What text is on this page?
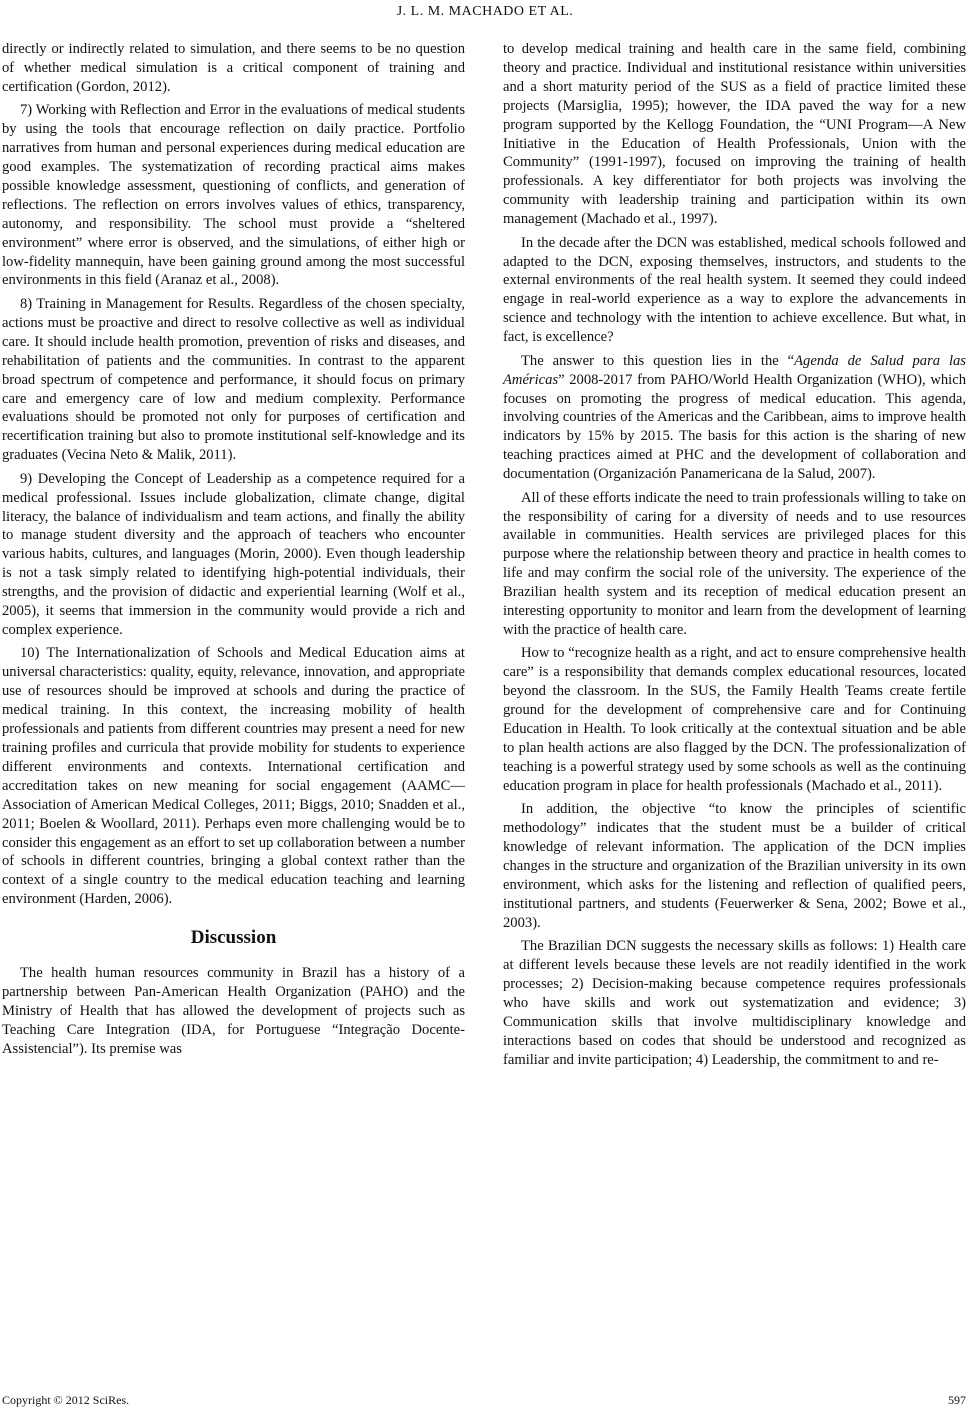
J. L. M. MACHADO ET AL.

directly or indirectly related to simulation, and there seems to be no question of whether medical simulation is a critical component of training and certification (Gordon, 2012).

7) Working with Reflection and Error in the evaluations of medical students by using the tools that encourage reflection on daily practice. Portfolio narratives from human and personal experiences during medical education are good examples. The systematization of recording practical aims makes possible knowledge assessment, questioning of conflicts, and generation of reflections. The reflection on errors involves values of ethics, transparency, autonomy, and responsibility. The school must provide a “sheltered environment” where error is observed, and the simulations, of either high or low-fidelity mannequin, have been gaining ground among the most successful environments in this field (Aranaz et al., 2008).

8) Training in Management for Results. Regardless of the chosen specialty, actions must be proactive and direct to resolve collective as well as individual care. It should include health promotion, prevention of risks and diseases, and rehabilitation of patients and the communities. In contrast to the apparent broad spectrum of competence and performance, it should focus on primary care and emergency care of low and medium complexity. Performance evaluations should be promoted not only for purposes of certification and recertification training but also to promote institutional self-knowledge and its graduates (Vecina Neto & Malik, 2011).

9) Developing the Concept of Leadership as a competence required for a medical professional. Issues include globalization, climate change, digital literacy, the balance of individualism and team actions, and finally the ability to manage student diversity and the approach of teachers who encounter various habits, cultures, and languages (Morin, 2000). Even though leadership is not a task simply related to identifying high-potential individuals, their strengths, and the provision of didactic and experiential learning (Wolf et al., 2005), it seems that immersion in the community would provide a rich and complex experience.

10) The Internationalization of Schools and Medical Education aims at universal characteristics: quality, equity, relevance, innovation, and appropriate use of resources should be improved at schools and during the practice of medical training. In this context, the increasing mobility of health professionals and patients from different countries may present a need for new training profiles and curricula that provide mobility for students to experience different environments and contexts. International certification and accreditation takes on new meaning for social engagement (AAMC—Association of American Medical Colleges, 2011; Biggs, 2010; Snadden et al., 2011; Boelen & Woollard, 2011). Perhaps even more challenging would be to consider this engagement as an effort to set up collaboration between a number of schools in different countries, bringing a global context rather than the context of a single country to the medical education teaching and learning environment (Harden, 2006).

Discussion

The health human resources community in Brazil has a history of a partnership between Pan-American Health Organization (PAHO) and the Ministry of Health that has allowed the development of projects such as Teaching Care Integration (IDA, for Portuguese “Integração Docente-Assistencial”). Its premise was

to develop medical training and health care in the same field, combining theory and practice. Individual and institutional resistance within universities and a short maturity period of the SUS as a field of practice limited these projects (Marsiglia, 1995); however, the IDA paved the way for a new program supported by the Kellogg Foundation, the “UNI Program—A New Initiative in the Education of Health Professionals, Union with the Community” (1991-1997), focused on improving the training of health professionals. A key differentiator for both projects was involving the community with leadership training and participation within its own management (Machado et al., 1997).

In the decade after the DCN was established, medical schools followed and adapted to the DCN, exposing themselves, instructors, and students to the external environments of the real health system. It seemed they could indeed engage in real-world experience as a way to explore the advancements in science and technology with the intention to achieve excellence. But what, in fact, is excellence?

The answer to this question lies in the “Agenda de Salud para las Américas” 2008-2017 from PAHO/World Health Organization (WHO), which focuses on promoting the progress of medical education. This agenda, involving countries of the Americas and the Caribbean, aims to improve health indicators by 15% by 2015. The basis for this action is the sharing of new teaching practices aimed at PHC and the development of collaboration and documentation (Organización Panamericana de la Salud, 2007).

All of these efforts indicate the need to train professionals willing to take on the responsibility of caring for a diversity of needs and to use resources available in communities. Health services are privileged places for this purpose where the relationship between theory and practice in health comes to life and may confirm the social role of the university. The experience of the Brazilian health system and its reception of medical education present an interesting opportunity to monitor and learn from the development of learning with the practice of health care.

How to “recognize health as a right, and act to ensure comprehensive health care” is a responsibility that demands complex educational resources, located beyond the classroom. In the SUS, the Family Health Teams create fertile ground for the development of comprehensive care and for Continuing Education in Health. To look critically at the contextual situation and be able to plan health actions are also flagged by the DCN. The professionalization of teaching is a powerful strategy used by some schools as well as the continuing education program in place for health professionals (Machado et al., 2011).

In addition, the objective “to know the principles of scientific methodology” indicates that the student must be a builder of critical knowledge of relevant information. The application of the DCN implies changes in the structure and organization of the Brazilian university in its own environment, which asks for the listening and reflection of qualified peers, institutional partners, and students (Feuerwerker & Sena, 2002; Bowe et al., 2003).

The Brazilian DCN suggests the necessary skills as follows: 1) Health care at different levels because these levels are not readily identified in the work processes; 2) Decision-making because competence requires professionals who have skills and work out systematization and evidence; 3) Communication skills that involve multidisciplinary knowledge and interactions based on codes that should be understood and recognized as familiar and invite participation; 4) Leadership, the commitment to and re-

Copyright © 2012 SciRes.	597
